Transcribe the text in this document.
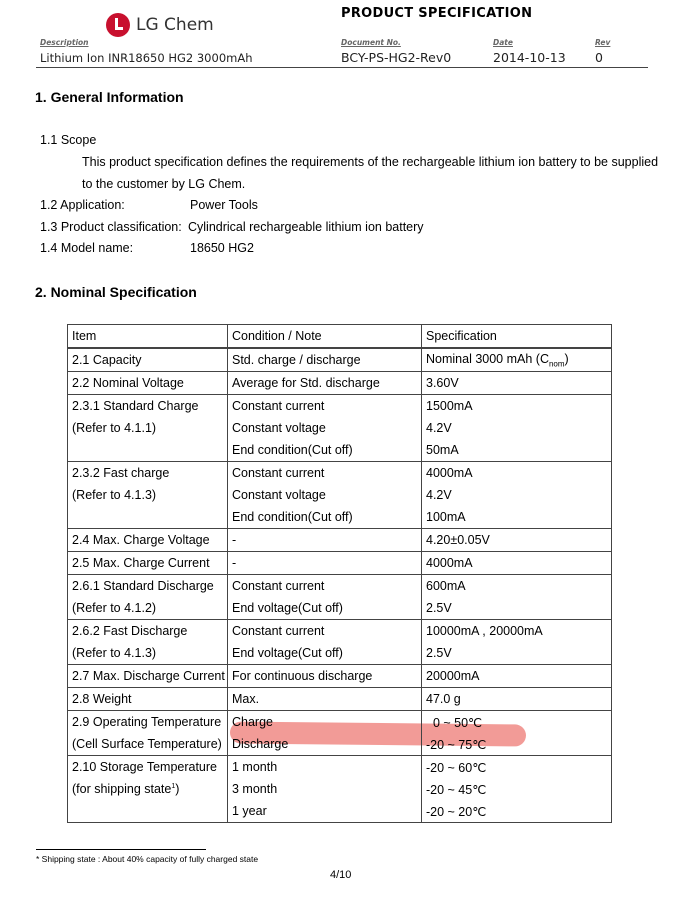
LG Chem
PRODUCT SPECIFICATION
Description	Document No.	Date	Rev
Lithium Ion INR18650 HG2 3000mAh	BCY-PS-HG2-Rev0	2014-10-13 0
1. General Information
1.1 Scope
This product specification defines the requirements of the rechargeable lithium ion battery to be supplied
to the customer by LG Chem.
1.2 Application:	Power Tools
1.3 Product classification: Cylindrical rechargeable lithium ion battery
1.4 Model name:	18650 HG2
2. Nominal Specification
Item	Condition / Note	Specification
2.1 Capacity	Std. charge / discharge	Nominal 3000 mAh $(C_{nom})$
2.2 Nominal Voltage	Average for Std. discharge	3.60V
2.3.1 Standard Charge	Constant current	1500mA
(Refer to 4.1.1)	Constant voltage	4.2V
	End condition(Cut off)	50mA
2.3.2 Fast charge	Constant current	4000mA
(Refer to 4.1.3)	Constant voltage	4.2V
	End condition(Cut off)	100mA
2.4 Max. Charge Voltage	-	4.20±0.05V
2.5 Max. Charge Current	-	4000mA
2.6.1 Standard Discharge	Constant current	600mA
(Refer to 4.1.2)	End voltage(Cut off)	2.5V
2.6.2 Fast Discharge	Constant current	10000mA , 20000mA
(Refer to 4.1.3)	End voltage(Cut off)	2.5V
2.7 Max. Discharge Current	For continuous discharge	20000mA
2.8 Weight	Max.	47.0 g
2.9 Operating Temperature	Charge	0 ~ 50℃
(Cell Surface Temperature)	Discharge	-20 ~ 75℃
2.10 Storage Temperature	1 month	-20 ~ 60℃
(for shipping state$^1$)	3 month	-20 ~ 45℃
	1 year	-20 ~ 20℃
* Shipping state : About 40% capacity of fully charged state
4/10
